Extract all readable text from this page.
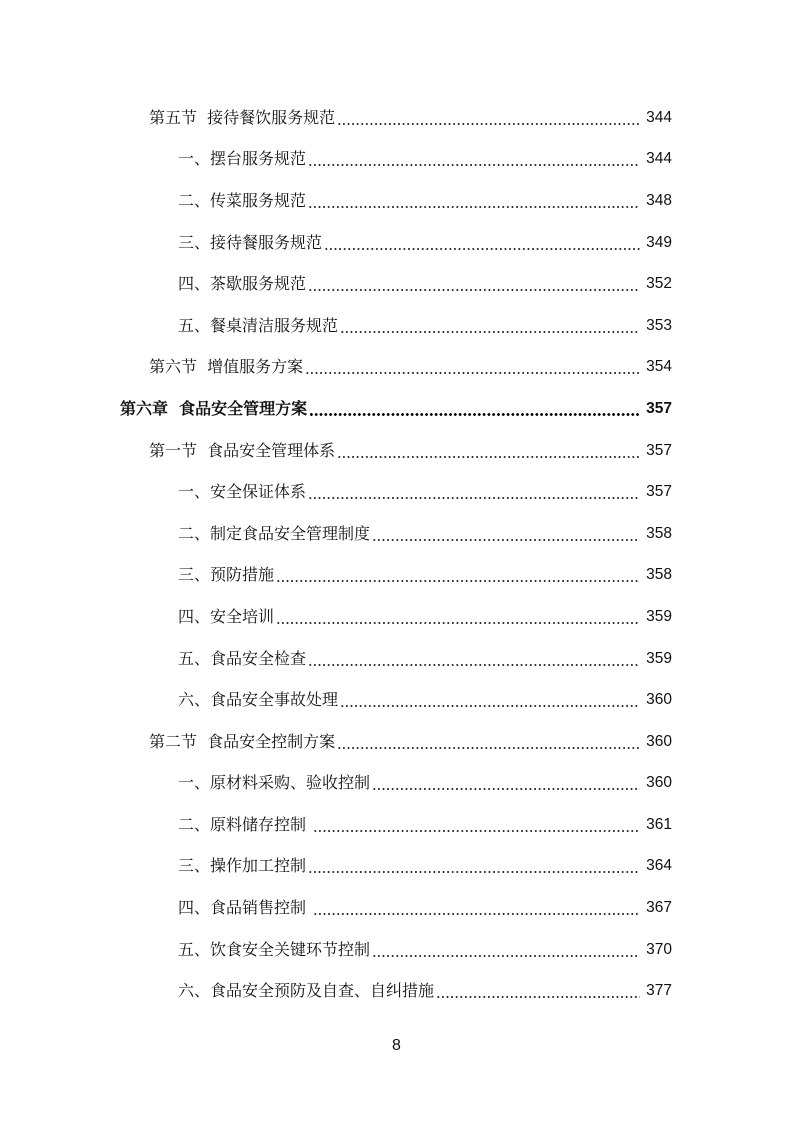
第五节  接待餐饮服务规范	344
一、摆台服务规范	344
二、传菜服务规范	348
三、接待餐服务规范	349
四、茶歇服务规范	352
五、餐桌清洁服务规范	353
第六节  增值服务方案	354
第六章  食品安全管理方案	357
第一节  食品安全管理体系	357
一、安全保证体系	357
二、制定食品安全管理制度	358
三、预防措施	358
四、安全培训	359
五、食品安全检查	359
六、食品安全事故处理	360
第二节  食品安全控制方案	360
一、原材料采购、验收控制	360
二、原料储存控制	361
三、操作加工控制	364
四、食品销售控制	367
五、饮食安全关键环节控制	370
六、食品安全预防及自查、自纠措施	377
8
